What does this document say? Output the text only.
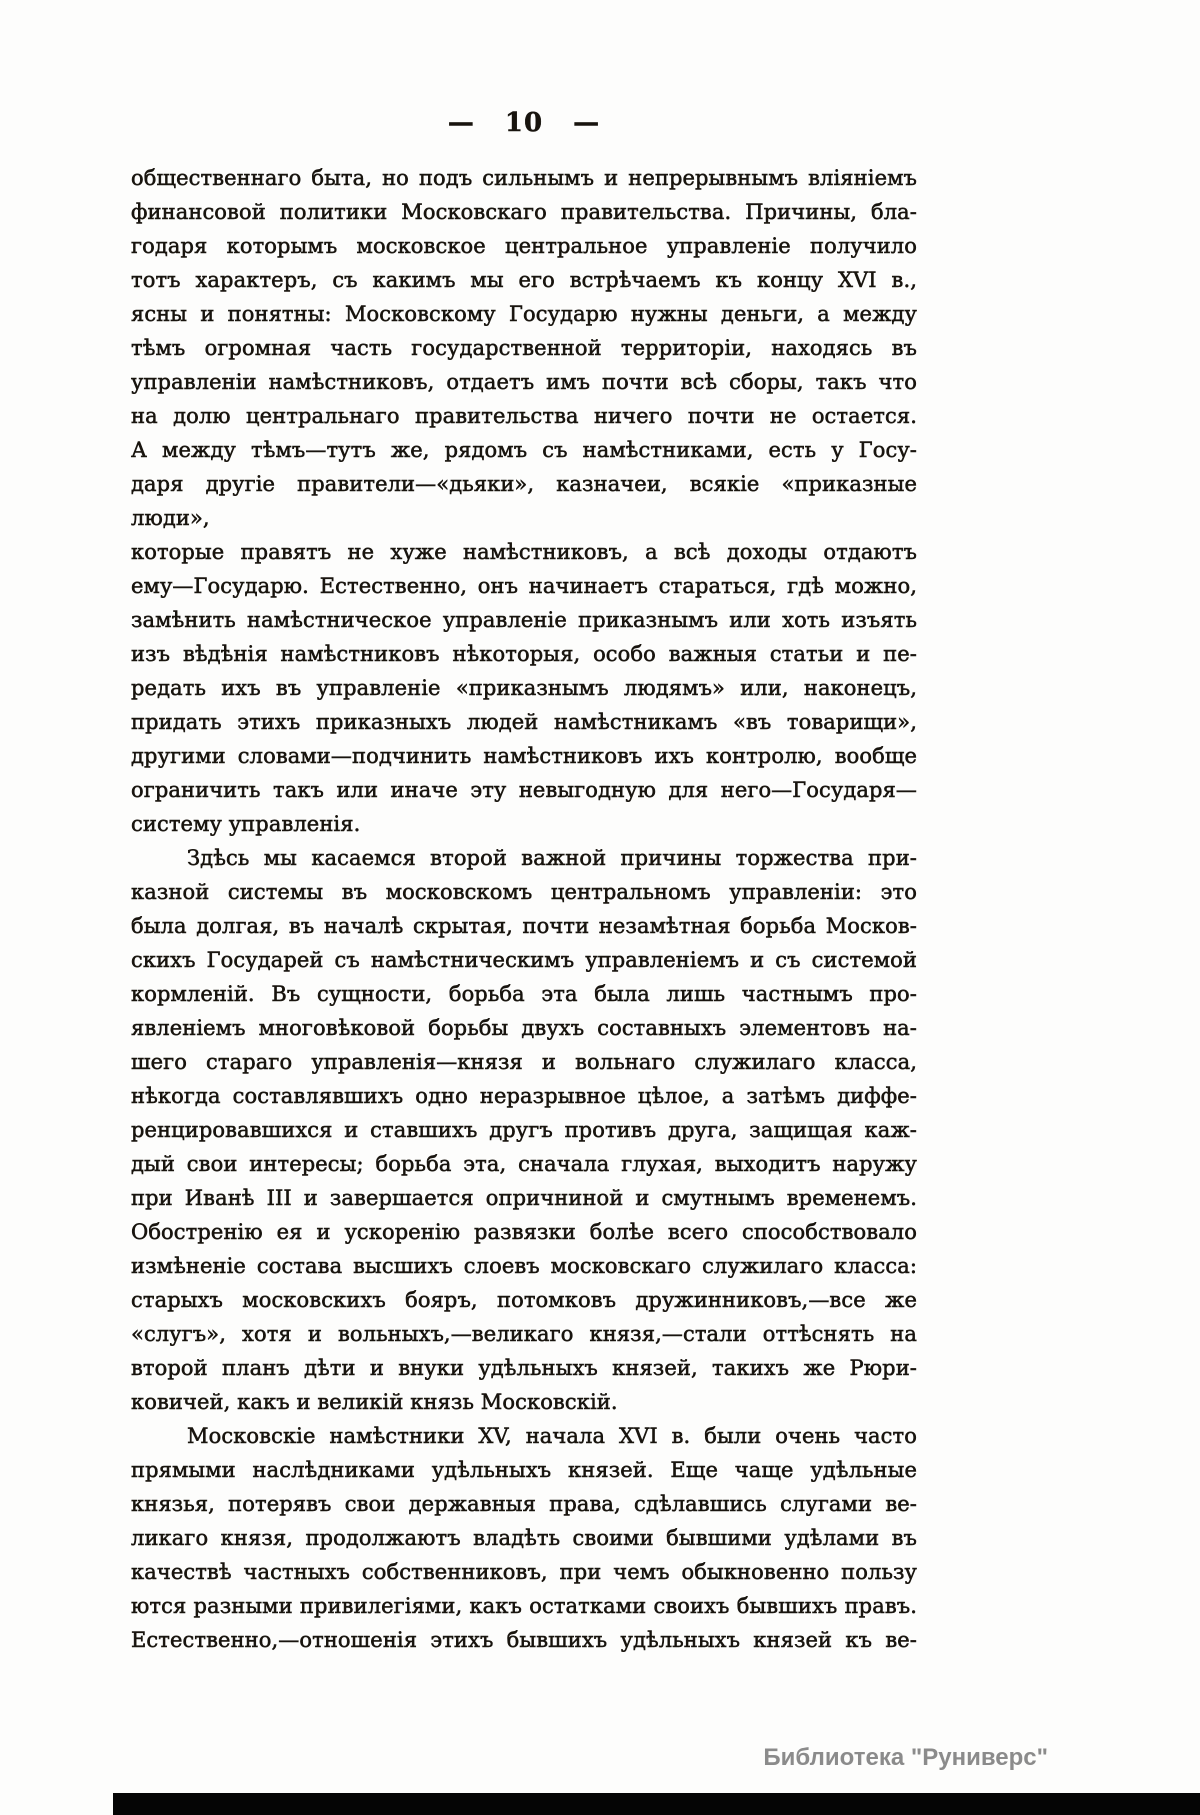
— 10 —
общественнаго быта, но подъ сильнымъ и непрерывнымъ вліяніемъ
финансовой политики Московскаго правительства. Причины, бла-
годаря которымъ московское центральное управленіе получило
тотъ характеръ, съ какимъ мы его встрѣчаемъ къ концу XVI в.,
ясны и понятны: Московскому Государю нужны деньги, а между
тѣмъ огромная часть государственной территоріи, находясь въ
управленіи намѣстниковъ, отдаетъ имъ почти всѣ сборы, такъ что
на долю центральнаго правительства ничего почти не остается.
А между тѣмъ—тутъ же, рядомъ съ намѣстниками, есть у Госу-
даря другіе правители—«дьяки», казначеи, всякіе «приказные люди»,
которые правятъ не хуже намѣстниковъ, а всѣ доходы отдаютъ
ему—Государю. Естественно, онъ начинаетъ стараться, гдѣ можно,
замѣнить намѣстническое управленіе приказнымъ или хоть изъять
изъ вѣдѣнія намѣстниковъ нѣкоторыя, особо важныя статьи и пе-
редать ихъ въ управленіе «приказнымъ людямъ» или, наконецъ,
придать этихъ приказныхъ людей намѣстникамъ «въ товарищи»,
другими словами—подчинить намѣстниковъ ихъ контролю, вообще
ограничить такъ или иначе эту невыгодную для него—Государя—
систему управленія.
Здѣсь мы касаемся второй важной причины торжества при-
казной системы въ московскомъ центральномъ управленіи: это
была долгая, въ началѣ скрытая, почти незамѣтная борьба Москов-
скихъ Государей съ намѣстническимъ управленіемъ и съ системой
кормленій. Въ сущности, борьба эта была лишь частнымъ про-
явленіемъ многовѣковой борьбы двухъ составныхъ элементовъ на-
шего стараго управленія—князя и вольнаго служилаго класса,
нѣкогда составлявшихъ одно неразрывное цѣлое, а затѣмъ диффе-
ренцировавшихся и ставшихъ другъ противъ друга, защищая каж-
дый свои интересы; борьба эта, сначала глухая, выходитъ наружу
при Иванѣ III и завершается опричниной и смутнымъ временемъ.
Обостренію ея и ускоренію развязки болѣе всего способствовало
измѣненіе состава высшихъ слоевъ московскаго служилаго класса:
старыхъ московскихъ бояръ, потомковъ дружинниковъ,—все же
«слугъ», хотя и вольныхъ,—великаго князя,—стали оттѣснять на
второй планъ дѣти и внуки удѣльныхъ князей, такихъ же Рюри-
ковичей, какъ и великій князь Московскій.
Московскіе намѣстники XV, начала XVI в. были очень часто
прямыми наслѣдниками удѣльныхъ князей. Еще чаще удѣльные
князья, потерявъ свои державныя права, сдѣлавшись слугами ве-
ликаго князя, продолжаютъ владѣть своими бывшими удѣлами въ
качествѣ частныхъ собственниковъ, при чемъ обыкновенно пользу
ются разными привилегіями, какъ остатками своихъ бывшихъ правъ.
Естественно,—отношенія этихъ бывшихъ удѣльныхъ князей къ ве-
Библиотека "Руниверс"
